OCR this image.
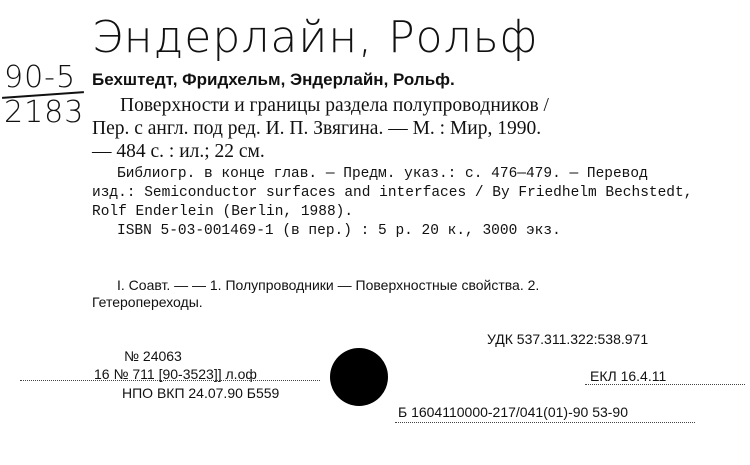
Эндерлайн, Рольф
90-5
2183
Бехштедт, Фридхельм, Эндерлайн, Рольф.
Поверхности и границы раздела полупроводников /
Пер. с англ. под ред. И. П. Звягина. — М. : Мир, 1990.
— 484 с. : ил.; 22 см.
Библиогр. в конце глав. — Предм. указ.: с. 476—479. — Перевод
изд.: Semiconductor surfaces and interfaces / By Friedhelm Bechstedt,
Rolf Enderlein (Berlin, 1988).
ISBN 5-03-001469-1 (в пер.) : 5 р. 20 к., 3000 экз.
I. Соавт. — — 1. Полупроводники — Поверхностные свойства. 2.
Гетеропереходы.
УДК 537.311.322:538.971
№ 24063
16 № 711 [90-3523]] л.оф	ЕКЛ 16.4.11
НПО ВКП 24.07.90 Б559
Б 1604110000-217/041(01)-90 53-90
